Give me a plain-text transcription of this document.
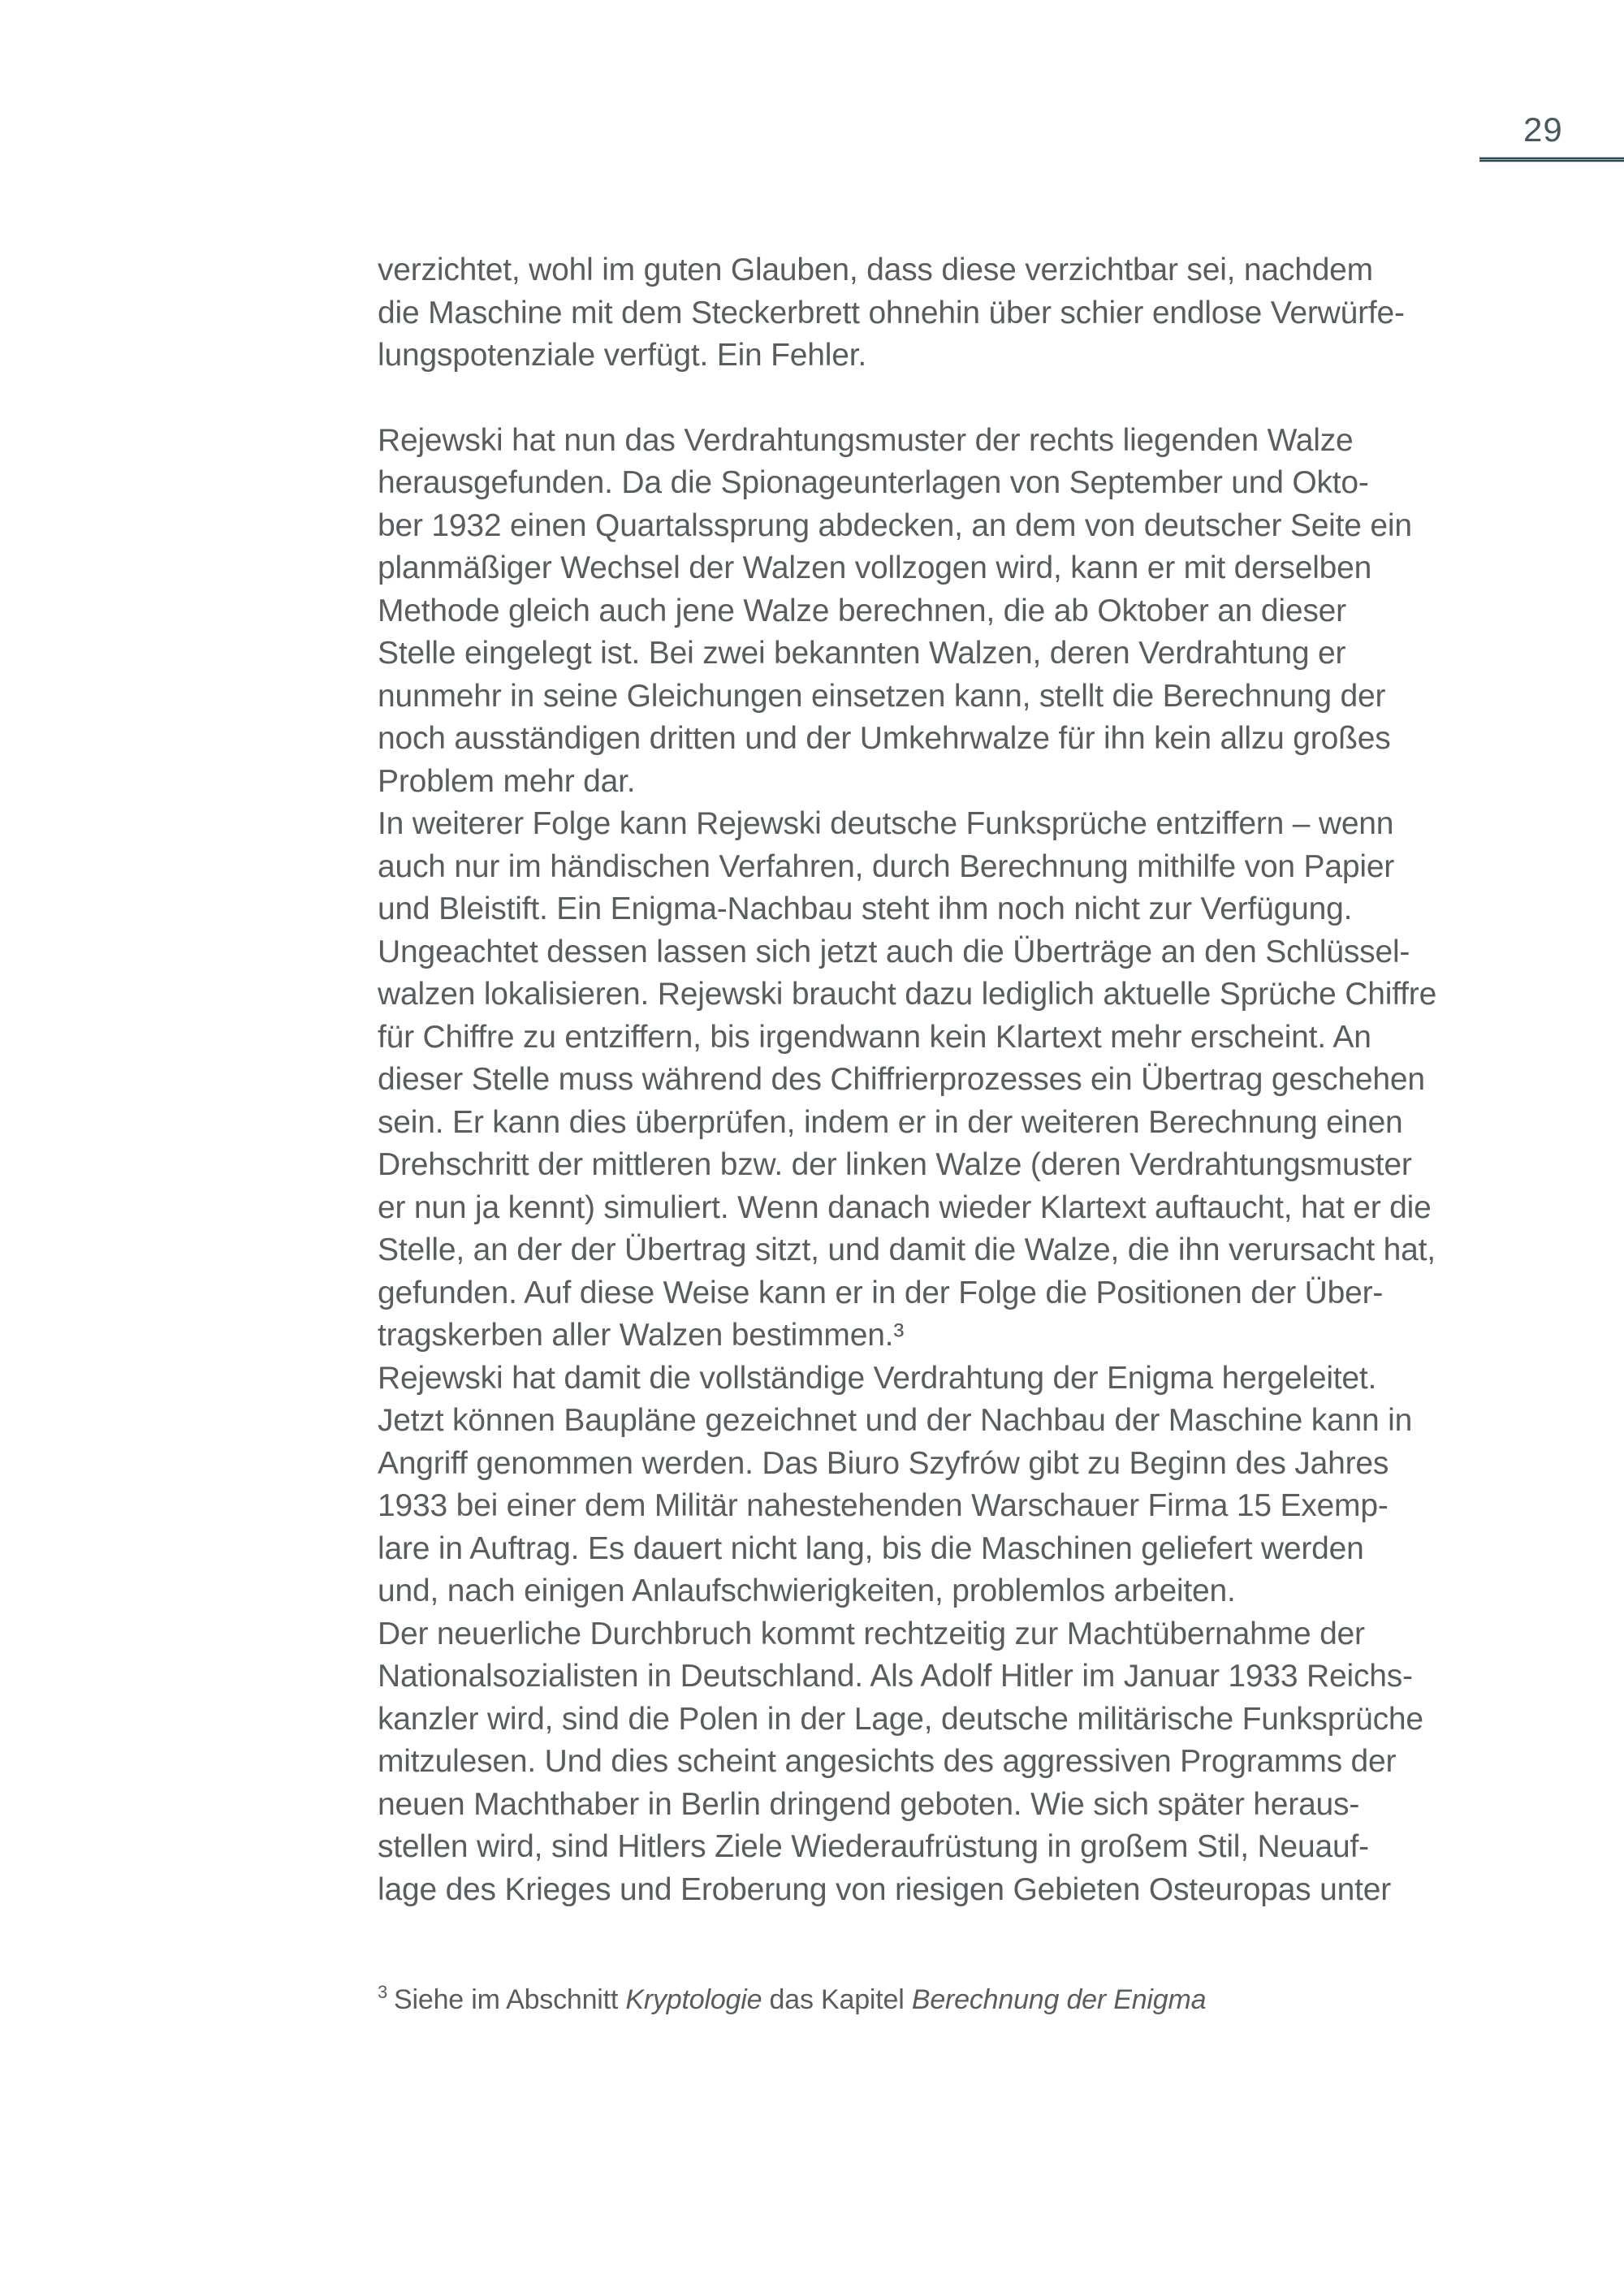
29
verzichtet, wohl im guten Glauben, dass diese verzichtbar sei, nachdem
die Maschine mit dem Steckerbrett ohnehin über schier endlose Verwürfe-
lungspotenziale verfügt. Ein Fehler.
Rejewski hat nun das Verdrahtungsmuster der rechts liegenden Walze
herausgefunden. Da die Spionageunterlagen von September und Okto-
ber 1932 einen Quartalssprung abdecken, an dem von deutscher Seite ein
planmäßiger Wechsel der Walzen vollzogen wird, kann er mit derselben
Methode gleich auch jene Walze berechnen, die ab Oktober an dieser
Stelle eingelegt ist. Bei zwei bekannten Walzen, deren Verdrahtung er
nunmehr in seine Gleichungen einsetzen kann, stellt die Berechnung der
noch ausständigen dritten und der Umkehrwalze für ihn kein allzu großes
Problem mehr dar.
In weiterer Folge kann Rejewski deutsche Funksprüche entziffern – wenn
auch nur im händischen Verfahren, durch Berechnung mithilfe von Papier
und Bleistift. Ein Enigma-Nachbau steht ihm noch nicht zur Verfügung.
Ungeachtet dessen lassen sich jetzt auch die Überträge an den Schlüssel-
walzen lokalisieren. Rejewski braucht dazu lediglich aktuelle Sprüche Chiffre
für Chiffre zu entziffern, bis irgendwann kein Klartext mehr erscheint. An
dieser Stelle muss während des Chiffrierprozesses ein Übertrag geschehen
sein. Er kann dies überprüfen, indem er in der weiteren Berechnung einen
Drehschritt der mittleren bzw. der linken Walze (deren Verdrahtungsmuster
er nun ja kennt) simuliert. Wenn danach wieder Klartext auftaucht, hat er die
Stelle, an der der Übertrag sitzt, und damit die Walze, die ihn verursacht hat,
gefunden. Auf diese Weise kann er in der Folge die Positionen der Über-
tragskerben aller Walzen bestimmen.³
Rejewski hat damit die vollständige Verdrahtung der Enigma hergeleitet.
Jetzt können Baupläne gezeichnet und der Nachbau der Maschine kann in
Angriff genommen werden. Das Biuro Szyfrów gibt zu Beginn des Jahres
1933 bei einer dem Militär nahestehenden Warschauer Firma 15 Exemp-
lare in Auftrag. Es dauert nicht lang, bis die Maschinen geliefert werden
und, nach einigen Anlaufschwierigkeiten, problemlos arbeiten.
Der neuerliche Durchbruch kommt rechtzeitig zur Machtübernahme der
Nationalsozialisten in Deutschland. Als Adolf Hitler im Januar 1933 Reichs-
kanzler wird, sind die Polen in der Lage, deutsche militärische Funksprüche
mitzulesen. Und dies scheint angesichts des aggressiven Programms der
neuen Machthaber in Berlin dringend geboten. Wie sich später heraus-
stellen wird, sind Hitlers Ziele Wiederaufrüstung in großem Stil, Neuauf-
lage des Krieges und Eroberung von riesigen Gebieten Osteuropas unter
$^3$ Siehe im Abschnitt Kryptologie das Kapitel Berechnung der Enigma
